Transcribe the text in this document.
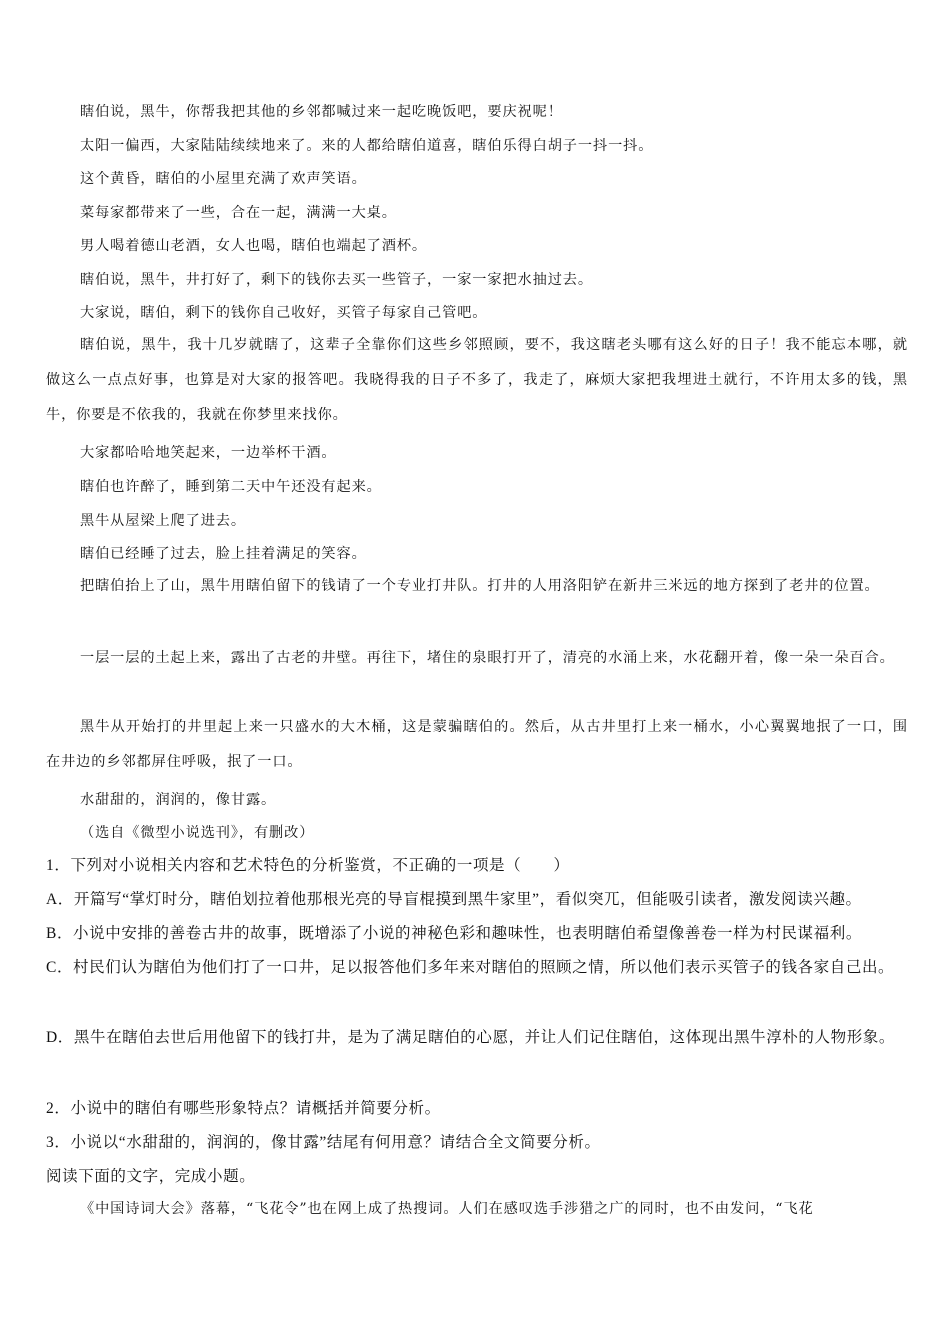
瞎伯说，黑牛，你帮我把其他的乡邻都喊过来一起吃晚饭吧，要庆祝呢！
太阳一偏西，大家陆陆续续地来了。来的人都给瞎伯道喜，瞎伯乐得白胡子一抖一抖。
这个黄昏，瞎伯的小屋里充满了欢声笑语。
菜每家都带来了一些，合在一起，满满一大桌。
男人喝着德山老酒，女人也喝，瞎伯也端起了酒杯。
瞎伯说，黑牛，井打好了，剩下的钱你去买一些管子，一家一家把水抽过去。
大家说，瞎伯，剩下的钱你自己收好，买管子每家自己管吧。
瞎伯说，黑牛，我十几岁就瞎了，这辈子全靠你们这些乡邻照顾，要不，我这瞎老头哪有这么好的日子！我不能忘本哪，就做这么一点点好事，也算是对大家的报答吧。我晓得我的日子不多了，我走了，麻烦大家把我埋进土就行，不许用太多的钱，黑牛，你要是不依我的，我就在你梦里来找你。
大家都哈哈地笑起来，一边举杯干酒。
瞎伯也许醉了，睡到第二天中午还没有起来。
黑牛从屋梁上爬了进去。
瞎伯已经睡了过去，脸上挂着满足的笑容。
把瞎伯抬上了山，黑牛用瞎伯留下的钱请了一个专业打井队。打井的人用洛阳铲在新井三米远的地方探到了老井的位置。
一层一层的土起上来，露出了古老的井壁。再往下，堵住的泉眼打开了，清亮的水涌上来，水花翻开着，像一朵一朵百合。
黑牛从开始打的井里起上来一只盛水的大木桶，这是蒙骗瞎伯的。然后，从古井里打上来一桶水，小心翼翼地抿了一口，围在井边的乡邻都屏住呼吸，抿了一口。
水甜甜的，润润的，像甘露。
（选自《微型小说选刊》，有删改）
1．下列对小说相关内容和艺术特色的分析鉴赏，不正确的一项是（　　）
A．开篇写“掌灯时分，瞎伯划拉着他那根光亮的导盲棍摸到黑牛家里”，看似突兀，但能吸引读者，激发阅读兴趣。
B．小说中安排的善卷古井的故事，既增添了小说的神秘色彩和趣味性，也表明瞎伯希望像善卷一样为村民谋福利。
C．村民们认为瞎伯为他们打了一口井，足以报答他们多年来对瞎伯的照顾之情，所以他们表示买管子的钱各家自己出。
D．黑牛在瞎伯去世后用他留下的钱打井，是为了满足瞎伯的心愿，并让人们记住瞎伯，这体现出黑牛淳朴的人物形象。
2．小说中的瞎伯有哪些形象特点？请概括并简要分析。
3．小说以“水甜甜的，润润的，像甘露”结尾有何用意？请结合全文简要分析。
阅读下面的文字，完成小题。
《中国诗词大会》落幕，“飞花令”也在网上成了热搜词。人们在感叹选手涉猎之广的同时，也不由发问，“飞花
